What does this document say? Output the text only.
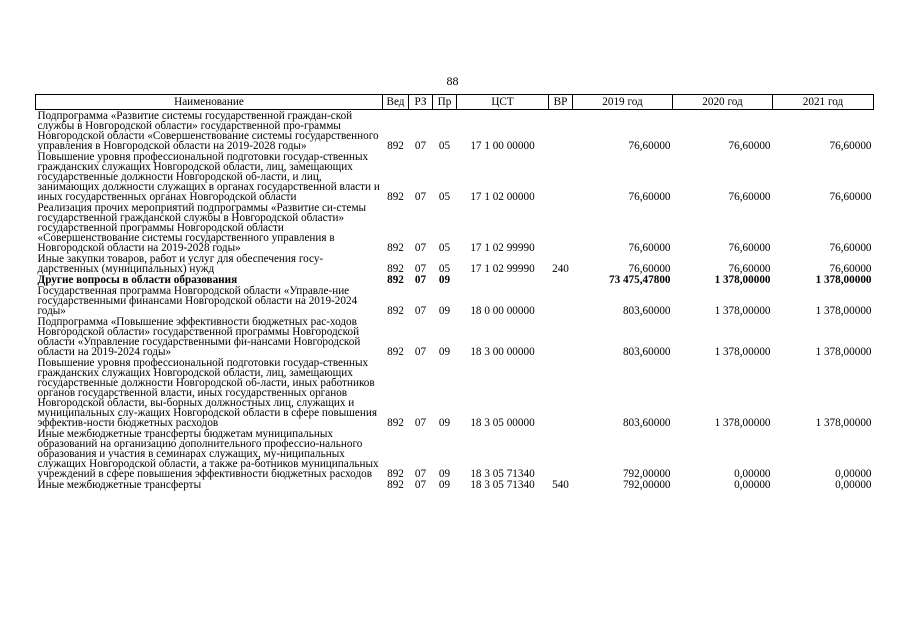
88
Наименование	Вед	РЗ	Пр	ЦСТ	ВР	2019 год	2020 год	2021 год
Подпрограмма «Развитие системы государственной граждан-ской службы в Новгородской области» государственной про-граммы Новгородской области «Совершенствование системы государственного управления в Новгородской области на 2019-2028 годы»	892	07	05	17 1 00 00000		76,60000	76,60000	76,60000
Повышение уровня профессиональной подготовки государ-ственных гражданских служащих Новгородской области, лиц, замещающих государственные должности Новгородской об-ласти, и лиц, занимающих должности служащих в органах государственной власти и иных государственных органах Новгородской области	892	07	05	17 1 02 00000		76,60000	76,60000	76,60000
Реализация прочих мероприятий подпрограммы «Развитие си-стемы государственной гражданской службы в Новгородской области» государственной программы Новгородской области «Совершенствование системы государственного управления в Новгородской области на 2019-2028 годы»	892	07	05	17 1 02 99990		76,60000	76,60000	76,60000
Иные закупки товаров, работ и услуг для обеспечения госу-дарственных (муниципальных) нужд	892	07	05	17 1 02 99990	240	76,60000	76,60000	76,60000
Другие вопросы в области образования	892	07	09			73 475,47800	1 378,00000	1 378,00000
Государственная программа Новгородской области «Управле-ние государственными финансами Новгородской области на 2019-2024 годы»	892	07	09	18 0 00 00000		803,60000	1 378,00000	1 378,00000
Подпрограмма «Повышение эффективности бюджетных рас-ходов Новгородской области» государственной программы Новгородской области «Управление государственными фи-нансами Новгородской области на 2019-2024 годы»	892	07	09	18 3 00 00000		803,60000	1 378,00000	1 378,00000
Повышение уровня профессиональной подготовки государ-ственных гражданских служащих Новгородской области, лиц, замещающих государственные должности Новгородской об-ласти, иных работников органов государственной власти, иных государственных органов Новгородской области, вы-борных должностных лиц, служащих и муниципальных слу-жащих Новгородской области в сфере повышения эффектив-ности бюджетных расходов	892	07	09	18 3 05 00000		803,60000	1 378,00000	1 378,00000
Иные межбюджетные трансферты бюджетам муниципальных образований на организацию дополнительного профессио-нального образования и участия в семинарах служащих, му-ниципальных служащих Новгородской области, а также ра-ботников муниципальных учреждений в сфере повышения эффективности бюджетных расходов	892	07	09	18 3 05 71340		792,00000	0,00000	0,00000
Иные межбюджетные трансферты	892	07	09	18 3 05 71340	540	792,00000	0,00000	0,00000
